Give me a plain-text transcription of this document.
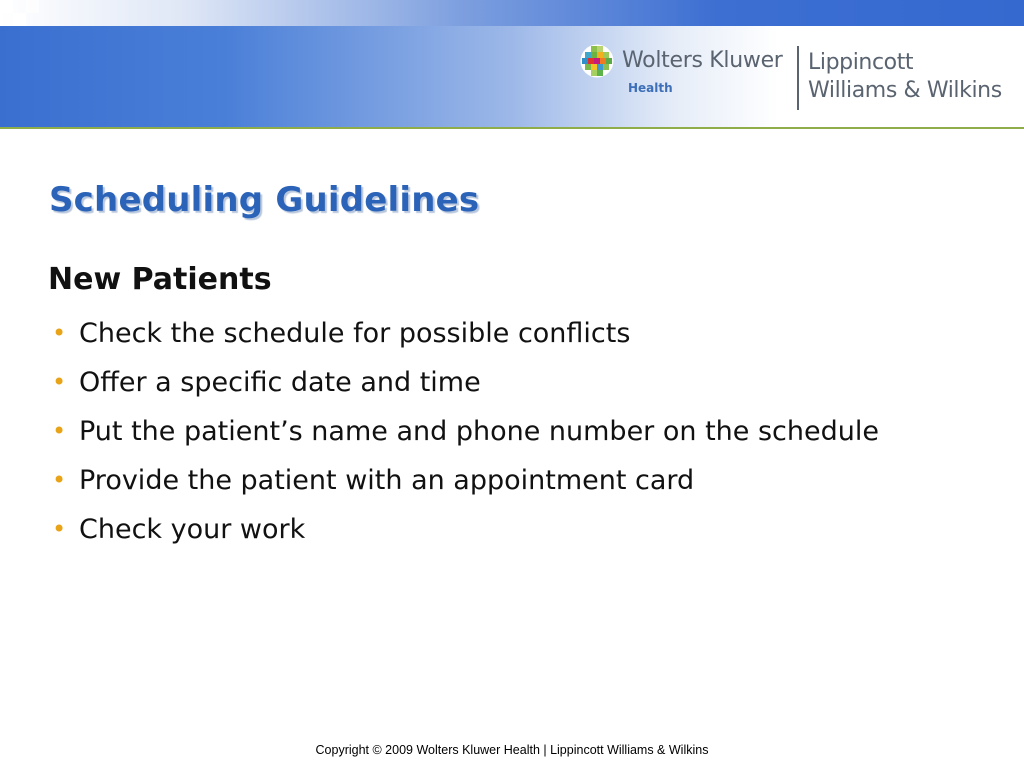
Wolters Kluwer
Health
Lippincott
Williams & Wilkins
Scheduling Guidelines
New Patients
• Check the schedule for possible conflicts
• Offer a specific date and time
• Put the patient’s name and phone number on the schedule
• Provide the patient with an appointment card
• Check your work
Copyright © 2009 Wolters Kluwer Health | Lippincott Williams & Wilkins
